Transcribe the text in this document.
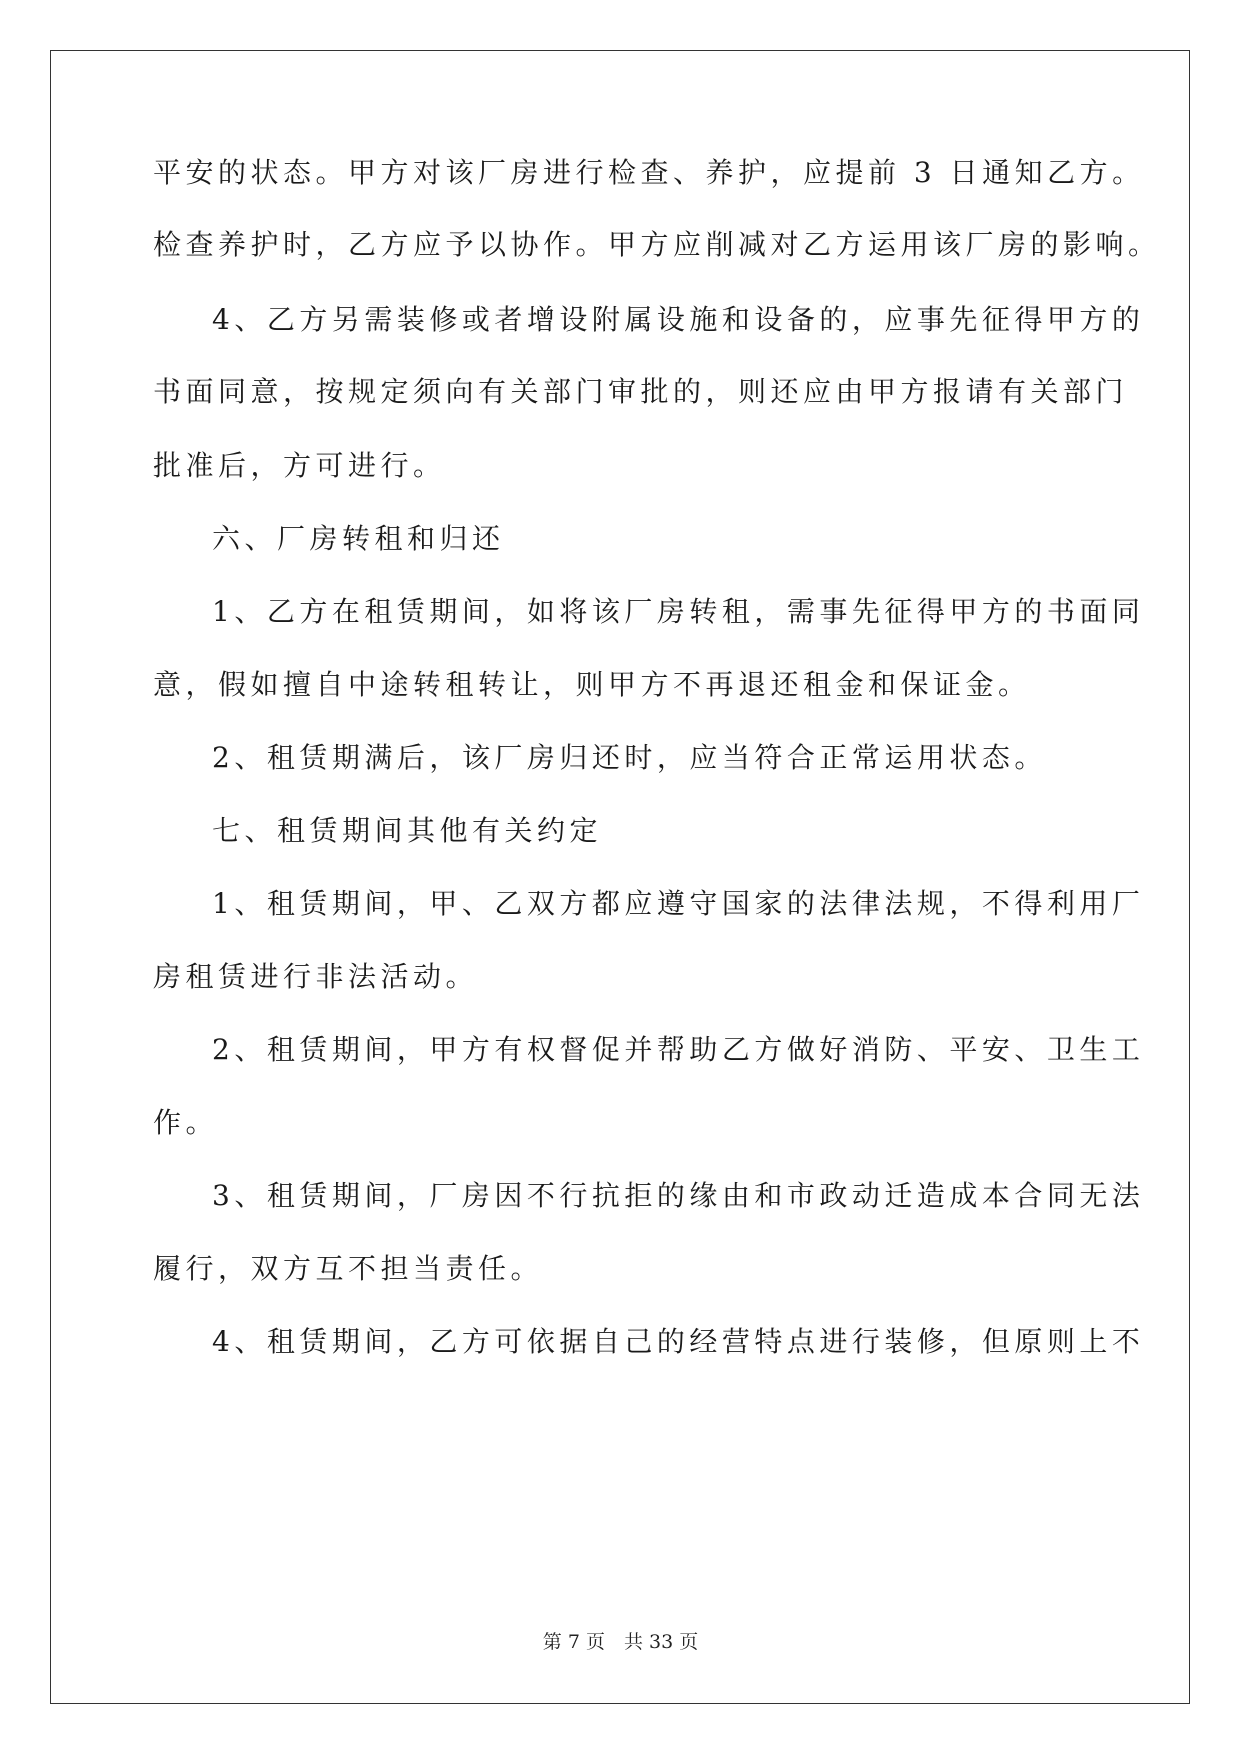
平安的状态。甲方对该厂房进行检查、养护，应提前 3 日通知乙方。
检查养护时，乙方应予以协作。甲方应削减对乙方运用该厂房的影响。
4、乙方另需装修或者增设附属设施和设备的，应事先征得甲方的
书面同意，按规定须向有关部门审批的，则还应由甲方报请有关部门
批准后，方可进行。
六、厂房转租和归还
1、乙方在租赁期间，如将该厂房转租，需事先征得甲方的书面同
意，假如擅自中途转租转让，则甲方不再退还租金和保证金。
2、租赁期满后，该厂房归还时，应当符合正常运用状态。
七、租赁期间其他有关约定
1、租赁期间，甲、乙双方都应遵守国家的法律法规，不得利用厂
房租赁进行非法活动。
2、租赁期间，甲方有权督促并帮助乙方做好消防、平安、卫生工
作。
3、租赁期间，厂房因不行抗拒的缘由和市政动迁造成本合同无法
履行，双方互不担当责任。
4、租赁期间，乙方可依据自己的经营特点进行装修，但原则上不
第 7 页　共 33 页
